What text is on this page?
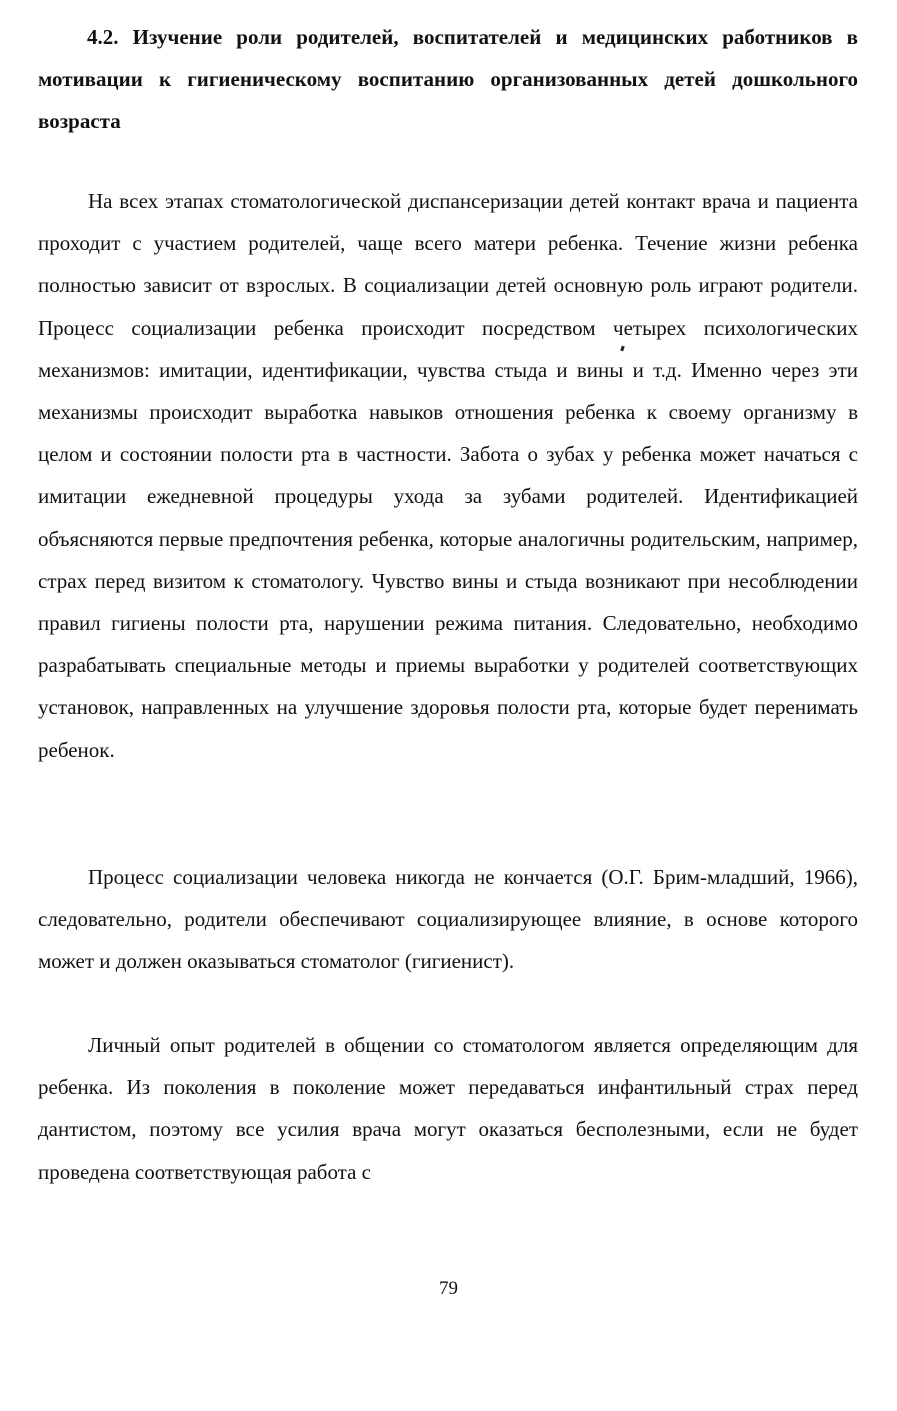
4.2. Изучение роли родителей, воспитателей и медицинских работников в мотивации к гигиеническому воспитанию организованных детей дошкольного возраста

На всех этапах стоматологической диспансеризации детей контакт врача и пациента проходит с участием родителей, чаще всего матери ребенка. Течение жизни ребенка полностью зависит от взрослых. В социализации детей основную роль играют родители. Процесс социализации ребенка происходит посредством четырех психологических механизмов: имитации, идентификации, чувства стыда и вины и т.д. Именно через эти механизмы происходит выработка навыков отношения ребенка к своему организму в целом и состоянии полости рта в частности. Забота о зубах у ребенка может начаться с имитации ежедневной процедуры ухода за зубами родителей. Идентификацией объясняются первые предпочтения ребенка, которые аналогичны родительским, например, страх перед визитом к стоматологу. Чувство вины и стыда возникают при несоблюдении правил гигиены полости рта, нарушении режима питания. Следовательно, необходимо разрабатывать специальные методы и приемы выработки у родителей соответствующих установок, направленных на улучшение здоровья полости рта, которые будет перенимать ребенок.

Процесс социализации человека никогда не кончается (О.Г. Брим-младший, 1966), следовательно, родители обеспечивают социализирующее влияние, в основе которого может и должен оказываться стоматолог (гигиенист).

Личный опыт родителей в общении со стоматологом является определяющим для ребенка. Из поколения в поколение может передаваться инфантильный страх перед дантистом, поэтому все усилия врача могут оказаться бесполезными, если не будет проведена соответствующая работа с

79
